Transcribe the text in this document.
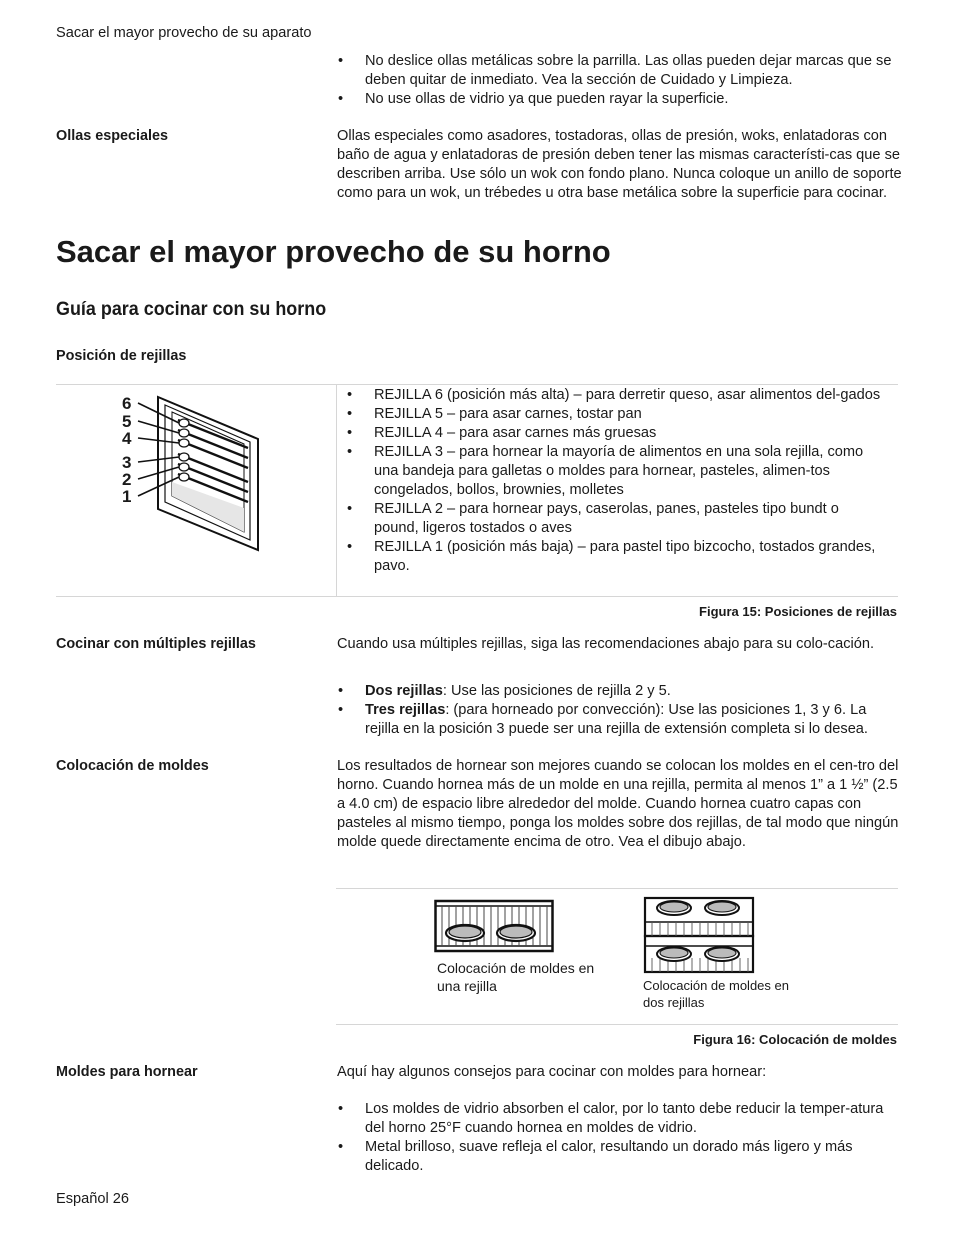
Sacar el mayor provecho de su aparato
• No deslice ollas metálicas sobre la parrilla. Las ollas pueden dejar marcas que se deben quitar de inmediato. Vea la sección de Cuidado y Limpieza.
• No use ollas de vidrio ya que pueden rayar la superficie.
Ollas especiales	Ollas especiales como asadores, tostadoras, ollas de presión, woks, enlatadoras con baño de agua y enlatadoras de presión deben tener las mismas característi-cas que se describen arriba. Use sólo un wok con fondo plano. Nunca coloque un anillo de soporte como para un wok, un trébedes u otra base metálica sobre la superficie para cocinar.
Sacar el mayor provecho de su horno
Guía para cocinar con su horno
Posición de rejillas
6
5
4
3
2
1
• REJILLA 6 (posición más alta) – para derretir queso, asar alimentos del-gados
• REJILLA 5 – para asar carnes, tostar pan
• REJILLA 4 – para asar carnes más gruesas
• REJILLA 3 – para hornear la mayoría de alimentos en una sola rejilla, como una bandeja para galletas o moldes para hornear, pasteles, alimen-tos congelados, bollos, brownies, molletes
• REJILLA 2 – para hornear pays, caserolas, panes, pasteles tipo bundt o pound, ligeros tostados o aves
• REJILLA 1 (posición más baja) – para pastel tipo bizcocho, tostados grandes, pavo.
Figura 15: Posiciones de rejillas
Cocinar con múltiples rejillas	Cuando usa múltiples rejillas, siga las recomendaciones abajo para su colo-cación.
• Dos rejillas: Use las posiciones de rejilla 2 y 5.
• Tres rejillas: (para horneado por convección): Use las posiciones 1, 3 y 6. La rejilla en la posición 3 puede ser una rejilla de extensión completa si lo desea.
Colocación de moldes	Los resultados de hornear son mejores cuando se colocan los moldes en el cen-tro del horno. Cuando hornea más de un molde en una rejilla, permita al menos 1” a 1 ½” (2.5 a 4.0 cm) de espacio libre alrededor del molde. Cuando hornea cuatro capas con pasteles al mismo tiempo, ponga los moldes sobre dos rejillas, de tal modo que ningún molde quede directamente encima de otro. Vea el dibujo abajo.
Colocación de moldes en una rejilla	Colocación de moldes en dos rejillas
Figura 16: Colocación de moldes
Moldes para hornear	Aquí hay algunos consejos para cocinar con moldes para hornear:
• Los moldes de vidrio absorben el calor, por lo tanto debe reducir la temper-atura del horno 25°F cuando hornea en moldes de vidrio.
• Metal brilloso, suave refleja el calor, resultando un dorado más ligero y más delicado.
Español 26
